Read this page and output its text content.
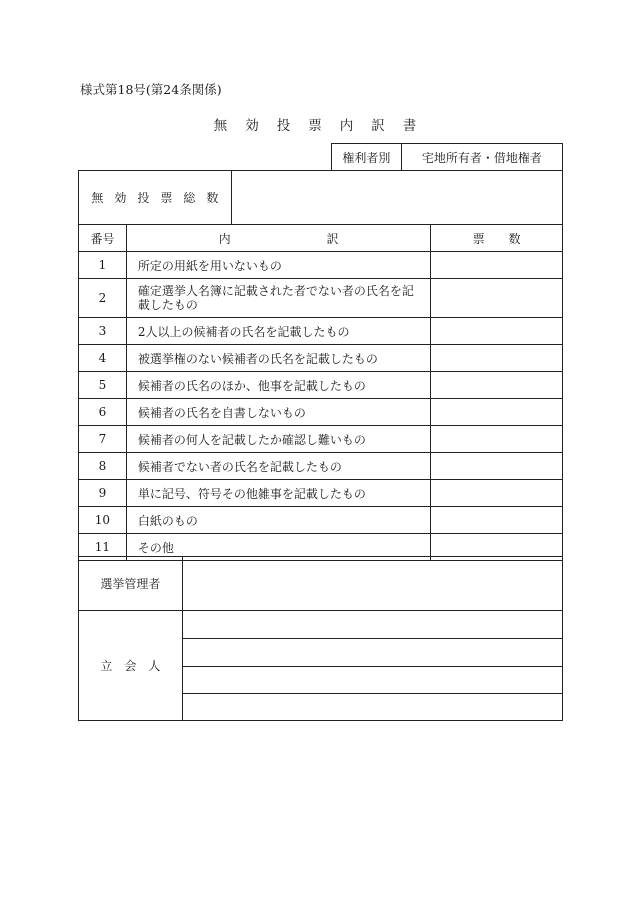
様式第18号(第24条関係)
無効投票内訳書
権利者別	宅地所有者・借地権者
無効投票総数	
番号	内　　　　　　　　訳	票　　数
1	所定の用紙を用いないもの	
2	確定選挙人名簿に記載された者でない者の氏名を記載したもの	
3	2人以上の候補者の氏名を記載したもの	
4	被選挙権のない候補者の氏名を記載したもの	
5	候補者の氏名のほか、他事を記載したもの	
6	候補者の氏名を自書しないもの	
7	候補者の何人を記載したか確認し難いもの	
8	候補者でない者の氏名を記載したもの	
9	単に記号、符号その他雑事を記載したもの	
10	白紙のもの	
11	その他	
選挙管理者	
立会人	
